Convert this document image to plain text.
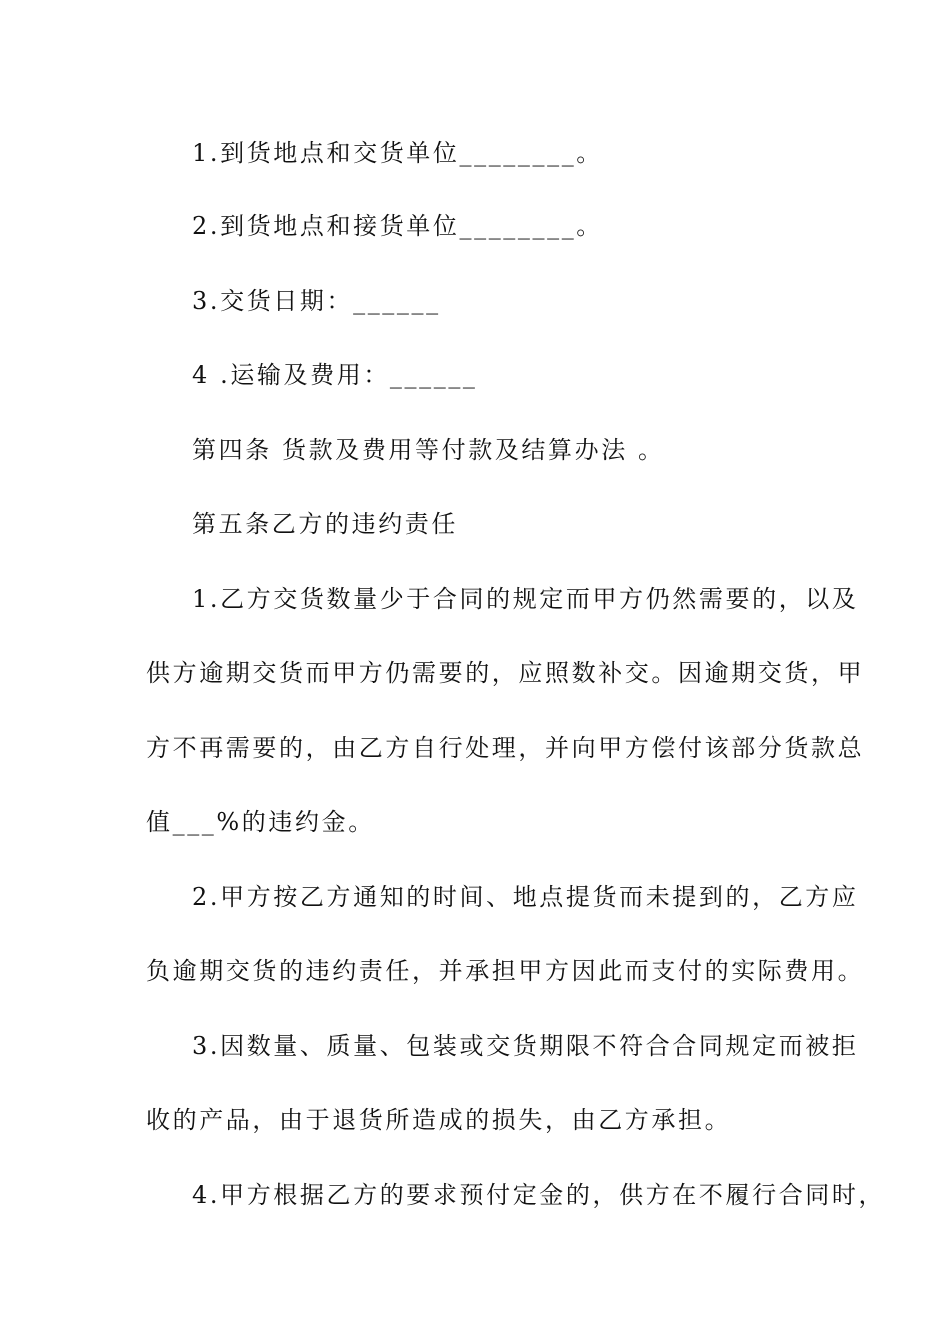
1.到货地点和交货单位________。
2.到货地点和接货单位________。
3.交货日期：______
4 .运输及费用：______
第四条 货款及费用等付款及结算办法 。
第五条乙方的违约责任
1.乙方交货数量少于合同的规定而甲方仍然需要的，以及
供方逾期交货而甲方仍需要的，应照数补交。因逾期交货，甲
方不再需要的，由乙方自行处理，并向甲方偿付该部分货款总
值___%的违约金。
2.甲方按乙方通知的时间、地点提货而未提到的，乙方应
负逾期交货的违约责任，并承担甲方因此而支付的实际费用。
3.因数量、质量、包装或交货期限不符合合同规定而被拒
收的产品，由于退货所造成的损失，由乙方承担。
4.甲方根据乙方的要求预付定金的，供方在不履行合同时，
